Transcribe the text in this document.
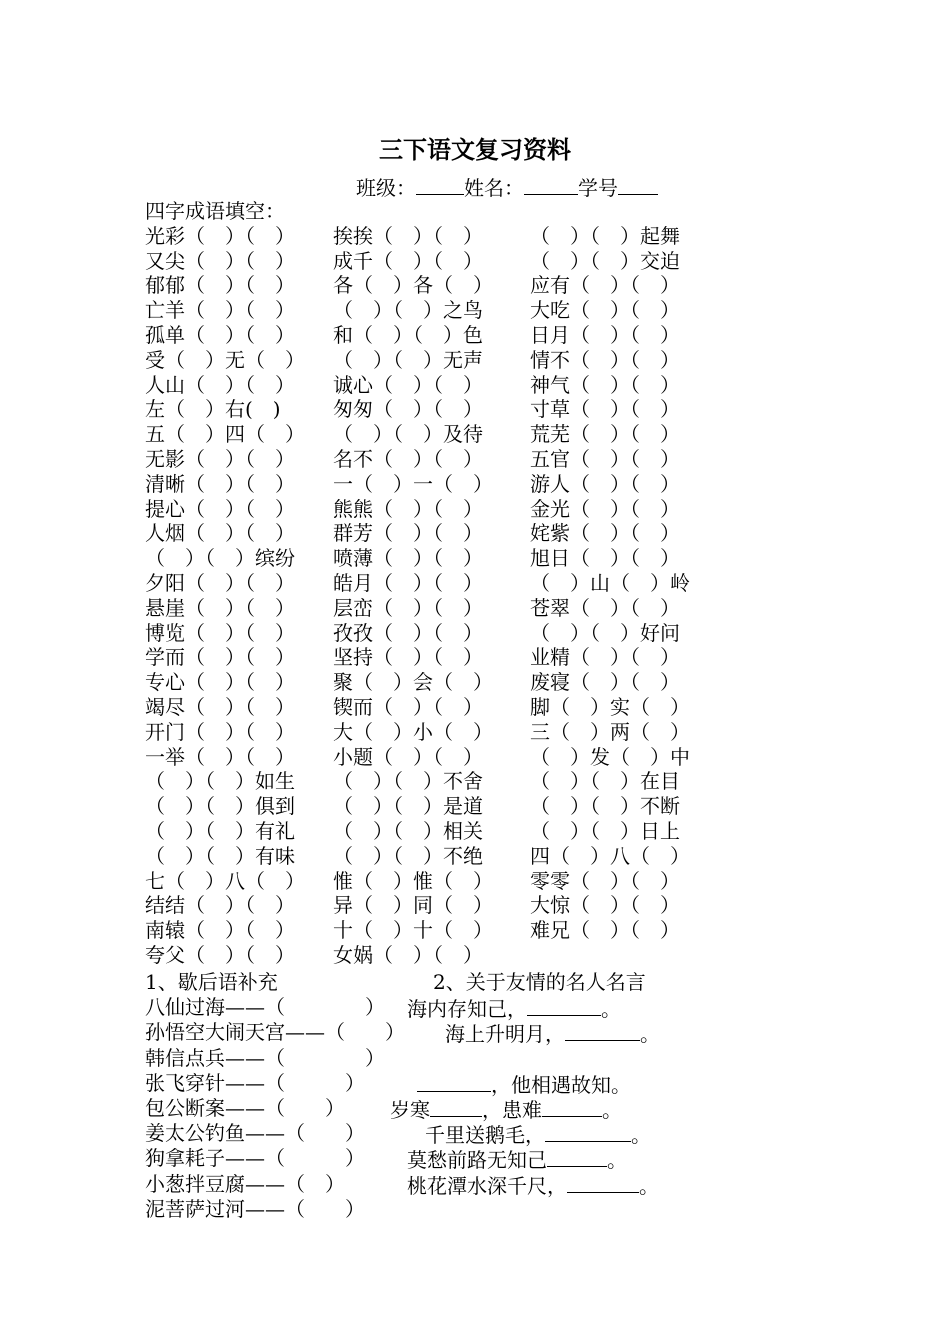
三下语文复习资料
班级： 姓名：	学号
四字成语填空：
光彩（　）（　） 挨挨（　）（　） （　）（　）起舞
又尖（　）（　） 成千（　）（　） （　）（　）交迫
郁郁（　）（　） 各（　）各（　） 应有（　）（　）
亡羊（　）（　） （　）（　）之鸟 大吃（　）（　）
孤单（　）（　） 和（　）（　）色 日月（　）（　）
受（　）无（　） （　）（　）无声 情不（　）（　）
人山（　）（　） 诚心（　）（　） 神气（　）（　）
左（　）右(　)	匆匆（　）（　） 寸草（　）（　）
五（　）四（　） （　）（　）及待 荒芜（　）（　）
无影（　）（　） 名不（　）（　） 五官（　）（　）
清晰（　）（　） 一（　）一（　） 游人（　）（　）
提心（　）（　） 熊熊（　）（　） 金光（　）（　）
人烟（　）（　） 群芳（　）（　） 姹紫（　）（　）
（　）（　）缤纷 喷薄（　）（　） 旭日（　）（　）
夕阳（　）（　） 皓月（　）（　） （　）山（　）岭
悬崖（　）（　） 层峦（　）（　） 苍翠（　）（　）
博览（　）（　） 孜孜（　）（　） （　）（　）好问
学而（　）（　） 坚持（　）（　） 业精（　）（　）
专心（　）（　） 聚（　）会（　） 废寝（　）（　）
竭尽（　）（　） 锲而（　）（　） 脚（　）实（　）
开门（　）（　） 大（　）小（　） 三（　）两（　）
一举（　）（　） 小题（　）（　） （　）发（　）中
（　）（　）如生 （　）（　）不舍 （　）（　）在目
（　）（　）俱到 （　）（　）是道 （　）（　）不断
（　）（　）有礼 （　）（　）相关 （　）（　）日上
（　）（　）有味 （　）（　）不绝 四（　）八（　）
七（　）八（　） 惟（　）惟（　） 零零（　）（　）
结结（　）（　） 异（　）同（　） 大惊（　）（　）
南辕（　）（　） 十（　）十（　） 难兄（　）（　）
夸父（　）（　） 女娲（　）（　）
1、歇后语补充	2、关于友情的名人名言
八仙过海——（　　　　） 海内存知己，	。
孙悟空大闹天宫——（　　） 海上升明月，	。
韩信点兵——（　　　　）
张飞穿针——（　　　）	，他相遇故知。
包公断案——（　　） 岁寒	，患难	。
姜太公钓鱼——（　　）	千里送鹅毛，	。
狗拿耗子——（　　　） 莫愁前路无知己	。
小葱拌豆腐——（　）	桃花潭水深千尺，	。
泥菩萨过河——（　　）
